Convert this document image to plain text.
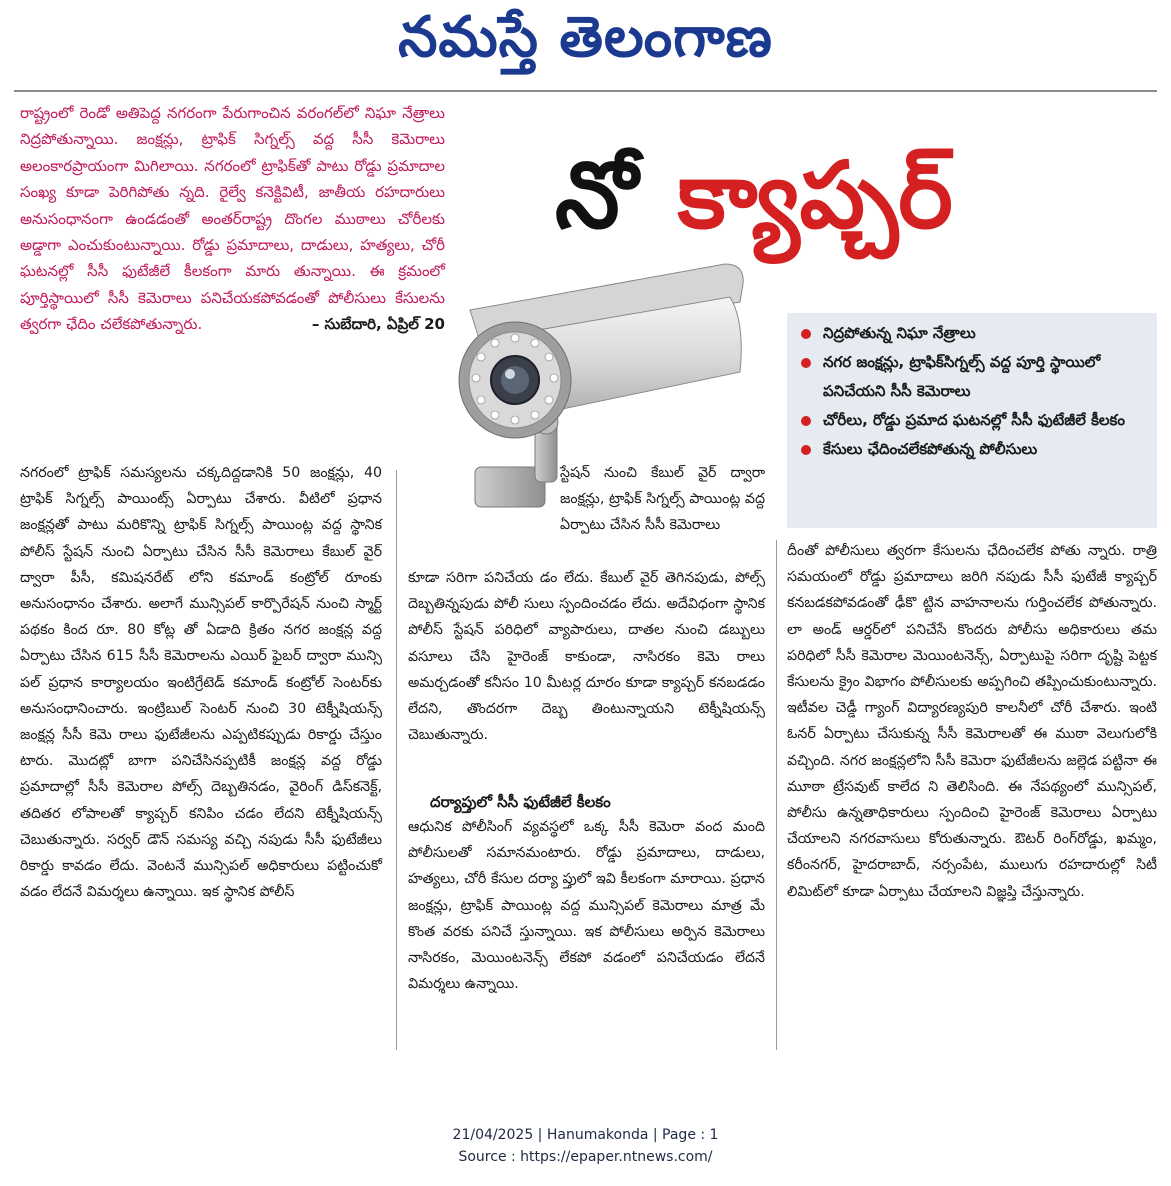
నమస్తే తెలంగాణ

రాష్ట్రంలో రెండో అతిపెద్ద నగరంగా పేరుగాంచిన వరంగల్‌లో నిఘా నేత్రాలు నిద్రపోతున్నాయి. జంక్షన్లు, ట్రాఫిక్ సిగ్నల్స్ వద్ద సీసీ కెమెరాలు అలంకారప్రాయంగా మిగిలాయి. నగరంలో ట్రాఫిక్‌తో పాటు రోడ్డు ప్రమాదాల సంఖ్య కూడా పెరిగిపోతు న్నది. రైల్వే కనెక్టివిటీ, జాతీయ రహదారులు అనుసంధానంగా ఉండడంతో అంతర్‌రాష్ట్ర దొంగల ముఠాలు చోరీలకు అడ్డాగా ఎంచుకుంటున్నాయి. రోడ్డు ప్రమాదాలు, దాడులు, హత్యలు, చోరీ ఘటనల్లో సీసీ ఫుటేజీలే కీలకంగా మారు తున్నాయి. ఈ క్రమంలో పూర్తిస్థాయిలో సీసీ కెమెరాలు పనిచేయకపోవడంతో పోలీసులు కేసులను త్వరగా ఛేదిం చలేకపోతున్నారు.	– సుబేదారి, ఏప్రిల్ 20

నో క్యాప్చర్
నిద్రపోతున్న నిఘా నేత్రాలు
నగర జంక్షన్లు, ట్రాఫిక్‌సిగ్నల్స్ వద్ద పూర్తి స్థాయిలో పనిచేయని సీసీ కెమెరాలు
చోరీలు, రోడ్డు ప్రమాద ఘటనల్లో సీసీ ఫుటేజీలే కీలకం
కేసులు ఛేదించలేకపోతున్న పోలీసులు

నగరంలో ట్రాఫిక్ సమస్యలను చక్కదిద్దడానికి 50 జంక్షన్లు, 40 ట్రాఫిక్ సిగ్నల్స్ పాయింట్స్ ఏర్పాటు చేశారు. వీటిలో ప్రధాన జంక్షన్లతో పాటు మరికొన్ని ట్రాఫిక్ సిగ్నల్స్ పాయింట్ల వద్ద స్థానిక పోలీస్ స్టేషన్ నుంచి ఏర్పాటు చేసిన సీసీ కెమెరాలు కేబుల్ వైర్ ద్వారా పీసీ, కమిషనరేట్ లోని కమాండ్ కంట్రోల్ రూంకు అనుసంధానం చేశారు. అలాగే మున్సిపల్ కార్పొరేషన్ నుంచి స్మార్ట్ పథకం కింద రూ. 80 కోట్ల తో ఏడాది క్రితం నగర జంక్షన్ల వద్ద ఏర్పాటు చేసిన 615 సీసీ కెమెరాలను ఎయిర్ ఫైబర్ ద్వారా మున్సి పల్ ప్రధాన కార్యాలయం ఇంటిగ్రేటెడ్ కమాండ్ కంట్రోల్ సెంటర్‌కు అనుసంధానించారు. ఇంట్రిబుల్ సెంటర్ నుంచి 30 టెక్నీషియన్స్ జంక్షన్ల సీసీ కెమె రాలు ఫుటేజీలను ఎప్పటికప్పుడు రికార్డు చేస్తుం టారు. మొదట్లో బాగా పనిచేసినప్పటికీ జంక్షన్ల వద్ద రోడ్డు ప్రమాదాల్లో సీసీ కెమెరాల పోల్స్ దెబ్బతినడం, వైరింగ్ డిస్‌కనెక్ట్, తదితర లోపాలతో క్యాప్చర్ కనిపిం చడం లేదని టెక్నీషియన్స్ చెబుతున్నారు. సర్వర్ డౌన్ సమస్య వచ్చి నపుడు సీసీ ఫుటేజీలు రికార్డు కావడం లేదు. వెంటనే మున్సిపల్ అధికారులు పట్టించుకో వడం లేదనే విమర్శలు ఉన్నాయి. ఇక స్థానిక పోలీస్

స్టేషన్ నుంచి కేబుల్ వైర్ ద్వారా జంక్షన్లు, ట్రాఫిక్ సిగ్నల్స్ పాయింట్ల వద్ద ఏర్పాటు చేసిన సీసీ కెమెరాలు

కూడా సరిగా పనిచేయ డం లేదు. కేబుల్ వైర్ తెగినపుడు, పోల్స్ దెబ్బతిన్నపుడు పోలీ సులు స్పందించడం లేదు. అదేవిధంగా స్థానిక పోలీస్ స్టేషన్ పరిధిలో వ్యాపారులు, దాతల నుంచి డబ్బులు వసూలు చేసి హైరెంజ్ కాకుండా, నాసిరకం కెమె రాలు అమర్చడంతో కనీసం 10 మీటర్ల దూరం కూడా క్యాప్చర్ కనబడడం లేదని, తొందరగా దెబ్బ తింటున్నాయని టెక్నీషియన్స్ చెబుతున్నారు.

దర్యాప్తులో సీసీ ఫుటేజీలే కీలకం

ఆధునిక పోలీసింగ్ వ్యవస్థలో ఒక్క సీసీ కెమెరా వంద మంది పోలీసులతో సమానమంటారు. రోడ్డు ప్రమాదాలు, దాడులు, హత్యలు, చోరీ కేసుల దర్యా ప్తులో ఇవి కీలకంగా మారాయి. ప్రధాన జంక్షన్లు, ట్రాఫిక్ పాయింట్ల వద్ద మున్సిపల్ కెమెరాలు మాత్ర మే కొంత వరకు పనిచే స్తున్నాయి. ఇక పోలీసులు అర్పిన కెమెరాలు నాసిరకం, మెయింటనెన్స్ లేకపో వడంలో పనిచేయడం లేదనే విమర్శలు ఉన్నాయి.

దీంతో పోలీసులు త్వరగా కేసులను ఛేదించలేక పోతు న్నారు. రాత్రి సమయంలో రోడ్డు ప్రమాదాలు జరిగి నపుడు సీసీ ఫుటేజీ క్యాప్చర్ కనబడకపోవడంతో ఢీకొ ట్టిన వాహనాలను గుర్తించలేక పోతున్నారు. లా అండ్ ఆర్డర్‌లో పనిచేసే కొందరు పోలీసు అధికారులు తమ పరిధిలో సీసీ కెమెరాల మెయింటనెన్స్, ఏర్పాటుపై సరిగా దృష్టి పెట్టక కేసులను క్రైం విభాగం పోలీసులకు అప్పగించి తప్పించుకుంటున్నారు. ఇటీవల చెడ్డీ గ్యాంగ్ విద్యారణ్యపురి కాలనీలో చోరీ చేశారు. ఇంటి ఓనర్ ఏర్పాటు చేసుకున్న సీసీ కెమెరాలతో ఈ ముఠా వెలుగులోకి వచ్చింది. నగర జంక్షన్లలోని సీసీ కెమెరా ఫుటేజీలను జల్లెడ పట్టినా ఈ మూఠా ట్రేసవుట్ కాలేద ని తెలిసింది. ఈ నేపథ్యంలో మున్సిపల్, పోలీసు ఉన్నతాధికారులు స్పందించి హైరెంజ్ కెమెరాలు ఏర్పాటు చేయాలని నగరవాసులు కోరుతున్నారు. ఔటర్ రింగ్‌రోడ్డు, ఖమ్మం, కరీంనగర్, హైదరాబాద్, నర్సంపేట, ములుగు రహదారుల్లో సిటీ లిమిట్‌లో కూడా ఏర్పాటు చేయాలని విజ్ఞప్తి చేస్తున్నారు.

21/04/2025 | Hanumakonda | Page : 1
Source : https://epaper.ntnews.com/
